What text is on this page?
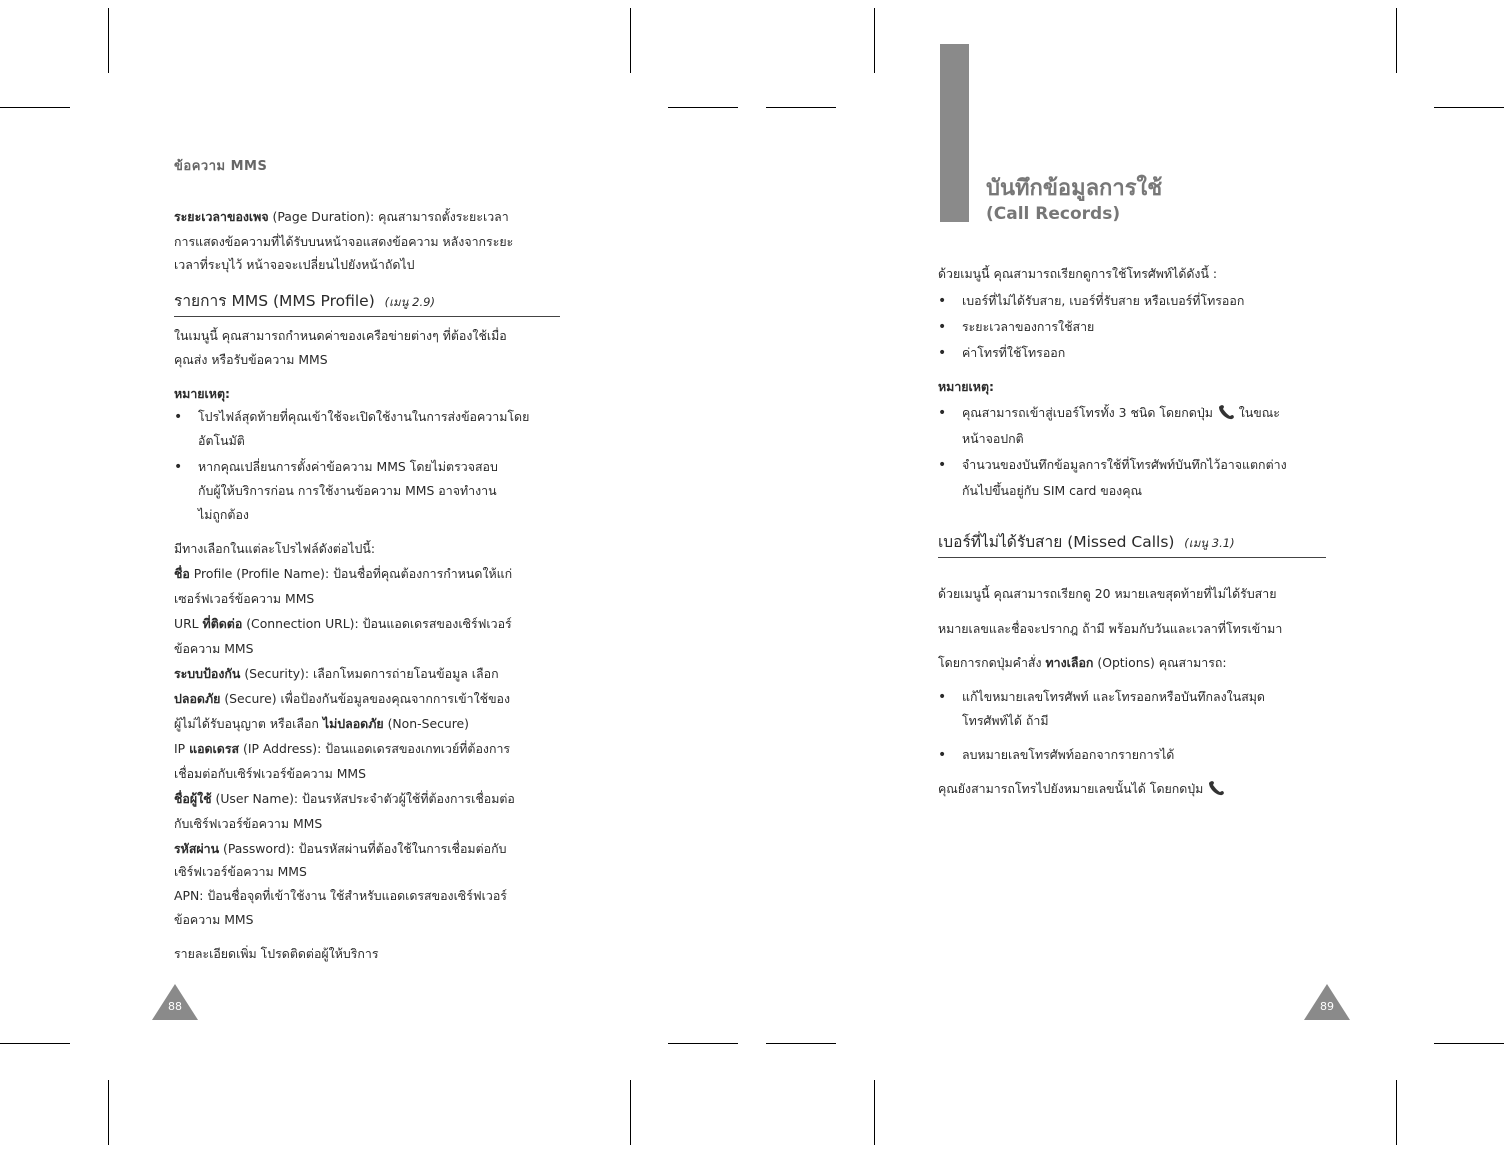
ข้อความ MMS
ระยะเวลาของเพจ (Page Duration): คุณสามารถตั้งระยะเวลา
การแสดงข้อความที่ได้รับบนหน้าจอแสดงข้อความ หลังจากระยะ
เวลาที่ระบุไว้ หน้าจอจะเปลี่ยนไปยังหน้าถัดไป
รายการ MMS (MMS Profile) (เมนู 2.9)
ในเมนูนี้ คุณสามารถกำหนดค่าของเครือข่ายต่างๆ ที่ต้องใช้เมื่อ
คุณส่ง หรือรับข้อความ MMS
หมายเหตุ:
• โปรไฟล์สุดท้ายที่คุณเข้าใช้จะเปิดใช้งานในการส่งข้อความโดย
อัตโนมัติ
• หากคุณเปลี่ยนการตั้งค่าข้อความ MMS โดยไม่ตรวจสอบ
กับผู้ให้บริการก่อน การใช้งานข้อความ MMS อาจทำงาน
ไม่ถูกต้อง
มีทางเลือกในแต่ละโปรไฟล์ดังต่อไปนี้:
ชื่อ Profile (Profile Name): ป้อนชื่อที่คุณต้องการกำหนดให้แก่
เซอร์ฟเวอร์ข้อความ MMS
URL ที่ติดต่อ (Connection URL): ป้อนแอดเดรสของเซิร์ฟเวอร์
ข้อความ MMS
ระบบป้องกัน (Security): เลือกโหมดการถ่ายโอนข้อมูล เลือก
ปลอดภัย (Secure) เพื่อป้องกันข้อมูลของคุณจากการเข้าใช้ของ
ผู้ไม่ได้รับอนุญาต หรือเลือก ไม่ปลอดภัย (Non-Secure)
IP แอดเดรส (IP Address): ป้อนแอดเดรสของเกทเวย์ที่ต้องการ
เชื่อมต่อกับเซิร์ฟเวอร์ข้อความ MMS
ชื่อผู้ใช้ (User Name): ป้อนรหัสประจำตัวผู้ใช้ที่ต้องการเชื่อมต่อ
กับเซิร์ฟเวอร์ข้อความ MMS
รหัสผ่าน (Password): ป้อนรหัสผ่านที่ต้องใช้ในการเชื่อมต่อกับ
เซิร์ฟเวอร์ข้อความ MMS
APN: ป้อนชื่อจุดที่เข้าใช้งาน ใช้สำหรับแอดเดรสของเซิร์ฟเวอร์
ข้อความ MMS
รายละเอียดเพิ่ม โปรดติดต่อผู้ให้บริการ
88
บันทึกข้อมูลการใช้
(Call Records)
ด้วยเมนูนี้ คุณสามารถเรียกดูการใช้โทรศัพท์ได้ดังนี้ :
• เบอร์ที่ไม่ได้รับสาย, เบอร์ที่รับสาย หรือเบอร์ที่โทรออก
• ระยะเวลาของการใช้สาย
• ค่าโทรที่ใช้โทรออก
หมายเหตุ:
• คุณสามารถเข้าสู่เบอร์โทรทั้ง 3 ชนิด โดยกดปุ่ม ในขณะ
หน้าจอปกติ
• จำนวนของบันทึกข้อมูลการใช้ที่โทรศัพท์บันทึกไว้อาจแตกต่าง
กันไปขึ้นอยู่กับ SIM card ของคุณ
เบอร์ที่ไม่ได้รับสาย (Missed Calls) (เมนู 3.1)
ด้วยเมนูนี้ คุณสามารถเรียกดู 20 หมายเลขสุดท้ายที่ไม่ได้รับสาย
หมายเลขและชื่อจะปรากฎ ถ้ามี พร้อมกับวันและเวลาที่โทรเข้ามา
โดยการกดปุ่มคำสั่ง ทางเลือก (Options) คุณสามารถ:
• แก้ไขหมายเลขโทรศัพท์ และโทรออกหรือบันทึกลงในสมุด
โทรศัพท์ได้ ถ้ามี
• ลบหมายเลขโทรศัพท์ออกจากรายการได้
คุณยังสามารถโทรไปยังหมายเลขนั้นได้ โดยกดปุ่ม
89
